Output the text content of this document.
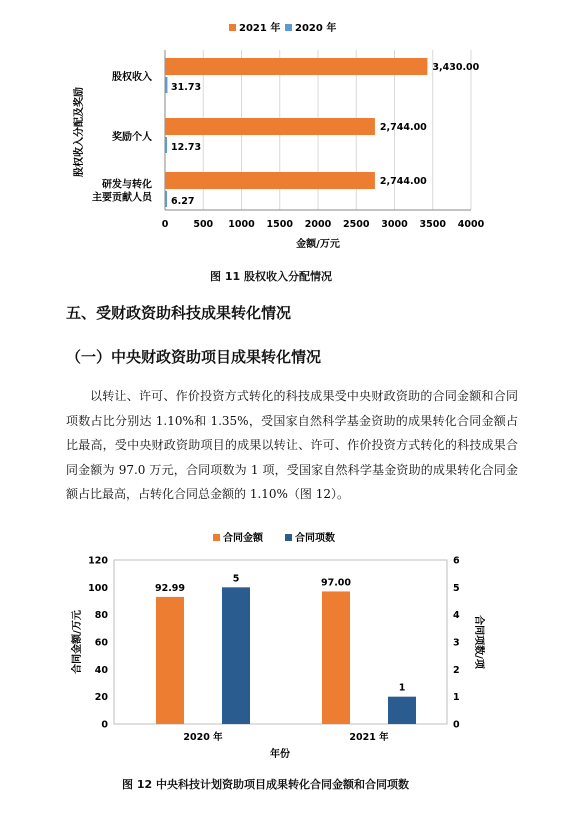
0	500 1000 1500 2000 2500 3000 3500 4000
3,430.00
31.73
股权收入
2,744.00
12.73
奖励个人
2,744.00
6.27
研发与转化
主要贡献人员
金额/万元
股权收入分配及奖励
2021 年 2020 年
图 11 股权收入分配情况
五、受财政资助科技成果转化情况
（一）中央财政资助项目成果转化情况
以转让、许可、作价投资方式转化的科技成果受中央财政资助的合同金额和合同项数占比分别达 1.10%和 1.35%，受国家自然科学基金资助的成果转化合同金额占比最高，受中央财政资助项目的成果以转让、许可、作价投资方式转化的科技成果合同金额为 97.0 万元，合同项数为 1 项，受国家自然科学基金资助的成果转化合同金额占比最高，占转化合同总金额的 1.10%（图 12）。
0
20
40
60
80
100
120
0
1
2
3
4
5
6
92.99
5
2020 年
97.00
1
2021 年
年份
合同金额/万元	合同项数/项
合同金额	合同项数
图 12 中央科技计划资助项目成果转化合同金额和合同项数
